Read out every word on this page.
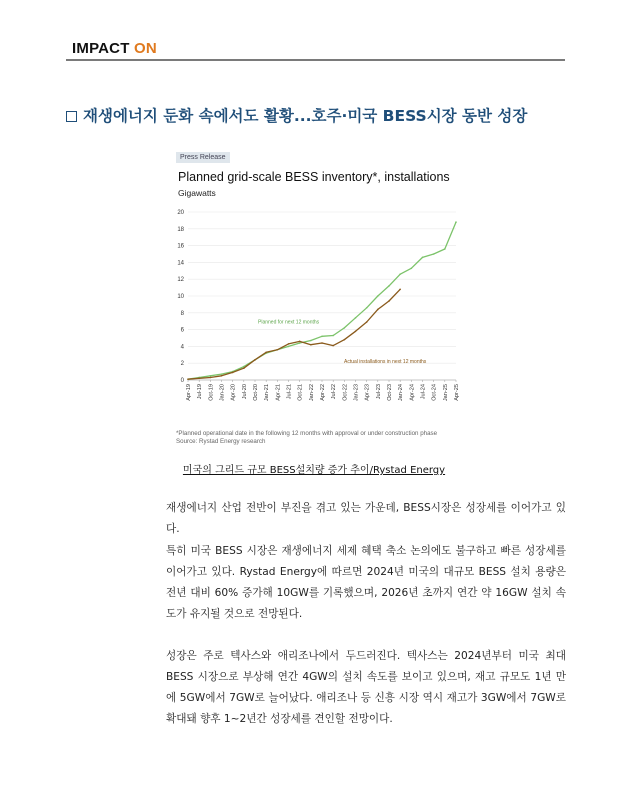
IMPACT ON
재생에너지 둔화 속에서도 활황...호주·미국 BESS시장 동반 성장
Press Release
Planned grid-scale BESS inventory*, installations
Gigawatts
0
2
4
6
8
10
12
14
16
18
20
Apr-19 Jul-19 Oct-19 Jan-20 Apr-20 Jul-20 Oct-20 Jan-21 Apr-21 Jul-21 Oct-21 Jan-22 Apr-22 Jul-22 Oct-22 Jan-23 Apr-23 Jul-23 Oct-23 Jan-24 Apr-24 Jul-24 Oct-24 Jan-25 Apr-25
Planned for next 12 months
Actual installations in next 12 months
*Planned operational date in the following 12 months with approval or under construction phase
Source: Rystad Energy research
미국의 그리드 규모 BESS설치량 증가 추이/Rystad Energy
재생에너지 산업 전반이 부진을 겪고 있는 가운데, BESS시장은 성장세를 이어가고 있다.
특히 미국 BESS 시장은 재생에너지 세제 혜택 축소 논의에도 불구하고 빠른 성장세를 이어가고 있다. Rystad Energy에 따르면 2024년 미국의 대규모 BESS 설치 용량은 전년 대비 60% 증가해 10GW를 기록했으며, 2026년 초까지 연간 약 16GW 설치 속도가 유지될 것으로 전망된다.
성장은 주로 텍사스와 애리조나에서 두드러진다. 텍사스는 2024년부터 미국 최대 BESS 시장으로 부상해 연간 4GW의 설치 속도를 보이고 있으며, 재고 규모도 1년 만에 5GW에서 7GW로 늘어났다. 애리조나 등 신흥 시장 역시 재고가 3GW에서 7GW로 확대돼 향후 1~2년간 성장세를 견인할 전망이다.
